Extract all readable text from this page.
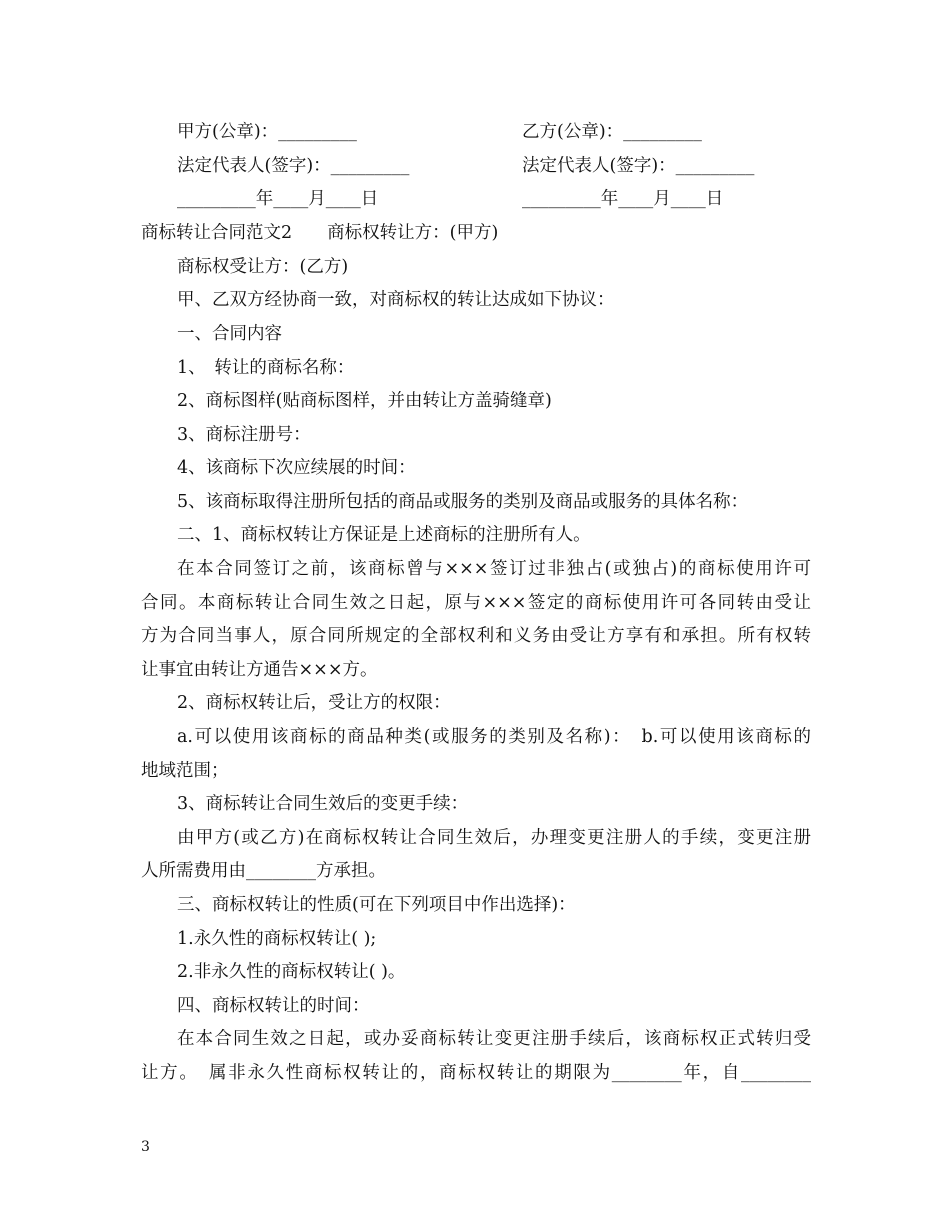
甲方(公章)：_________	乙方(公章)：_________
法定代表人(签字)：_________	法定代表人(签字)：_________
_________年____月____日	_________年____月____日
商标转让合同范文2　　商标权转让方：(甲方)
商标权受让方：(乙方)
甲、乙双方经协商一致，对商标权的转让达成如下协议：
一、合同内容
1、　转让的商标名称：
2、商标图样(贴商标图样，并由转让方盖骑缝章)
3、商标注册号：
4、该商标下次应续展的时间：
5、该商标取得注册所包括的商品或服务的类别及商品或服务的具体名称：
二、1、商标权转让方保证是上述商标的注册所有人。
在本合同签订之前，该商标曾与×××签订过非独占(或独占)的商标使用许可
合同。本商标转让合同生效之日起，原与×××签定的商标使用许可各同转由受让
方为合同当事人，原合同所规定的全部权利和义务由受让方享有和承担。所有权转
让事宜由转让方通告×××方。
2、商标权转让后，受让方的权限：
a.可以使用该商标的商品种类(或服务的类别及名称)：　b.可以使用该商标的
地域范围；
3、商标转让合同生效后的变更手续：
由甲方(或乙方)在商标权转让合同生效后，办理变更注册人的手续，变更注册
人所需费用由________方承担。
三、商标权转让的性质(可在下列项目中作出选择)：
1.永久性的商标权转让( );
2.非永久性的商标权转让( )。
四、商标权转让的时间：
在本合同生效之日起，或办妥商标转让变更注册手续后，该商标权正式转归受
让方。　属非永久性商标权转让的，商标权转让的期限为________年，自________
3
